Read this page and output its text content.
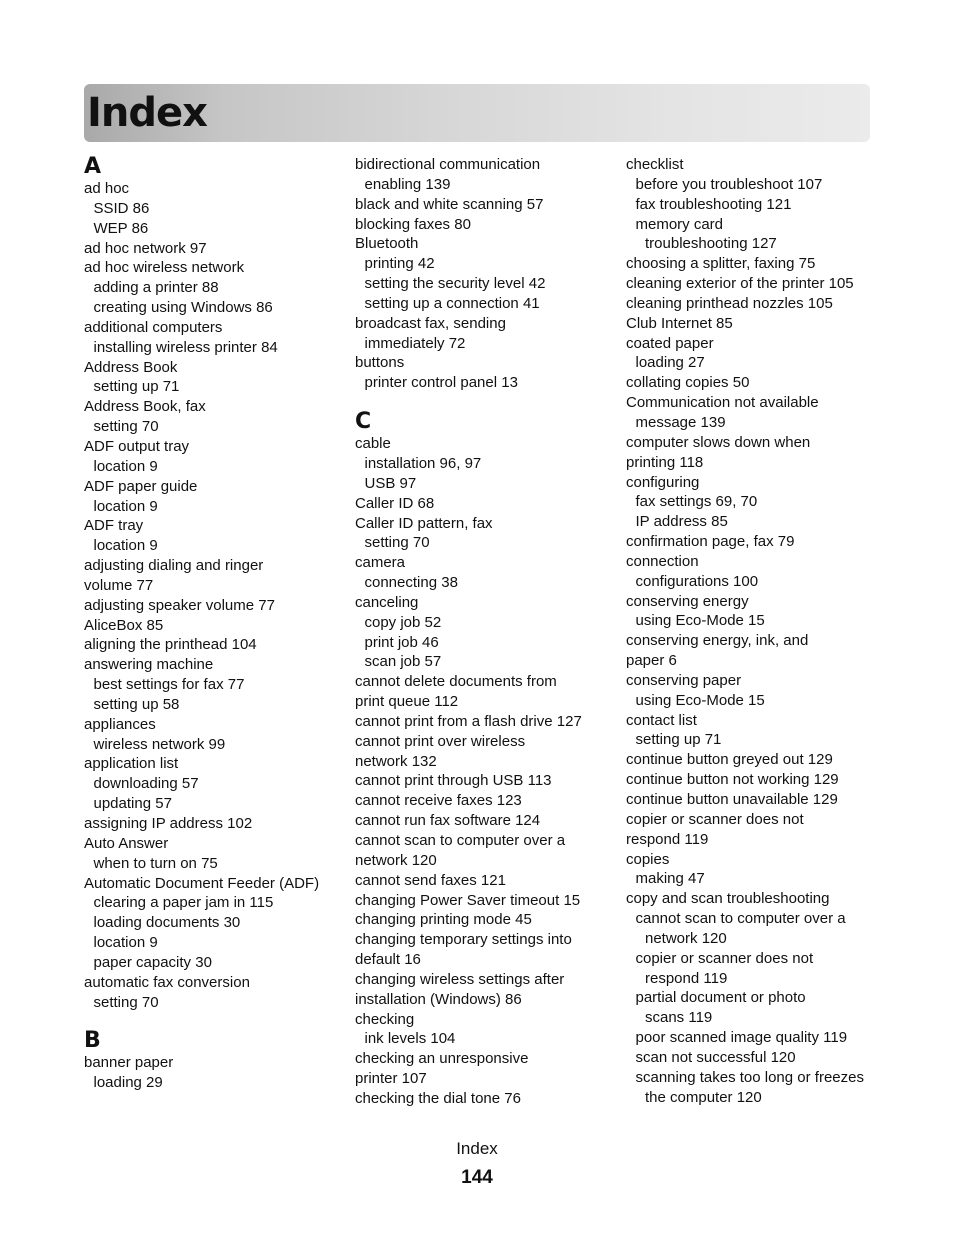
Index
A
ad hoc
SSID 86
WEP 86
ad hoc network 97
ad hoc wireless network
adding a printer 88
creating using Windows 86
additional computers
installing wireless printer 84
Address Book
setting up 71
Address Book, fax
setting 70
ADF output tray
location 9
ADF paper guide
location 9
ADF tray
location 9
adjusting dialing and ringer
volume 77
adjusting speaker volume 77
AliceBox 85
aligning the printhead 104
answering machine
best settings for fax 77
setting up 58
appliances
wireless network 99
application list
downloading 57
updating 57
assigning IP address 102
Auto Answer
when to turn on 75
Automatic Document Feeder (ADF)
clearing a paper jam in 115
loading documents 30
location 9
paper capacity 30
automatic fax conversion
setting 70
B
banner paper
loading 29
bidirectional communication
enabling 139
black and white scanning 57
blocking faxes 80
Bluetooth
printing 42
setting the security level 42
setting up a connection 41
broadcast fax, sending
immediately 72
buttons
printer control panel 13
C
cable
installation 96, 97
USB 97
Caller ID 68
Caller ID pattern, fax
setting 70
camera
connecting 38
canceling
copy job 52
print job 46
scan job 57
cannot delete documents from
print queue 112
cannot print from a flash drive 127
cannot print over wireless
network 132
cannot print through USB 113
cannot receive faxes 123
cannot run fax software 124
cannot scan to computer over a
network 120
cannot send faxes 121
changing Power Saver timeout 15
changing printing mode 45
changing temporary settings into
default 16
changing wireless settings after
installation (Windows) 86
checking
ink levels 104
checking an unresponsive
printer 107
checking the dial tone 76
checklist
before you troubleshoot 107
fax troubleshooting 121
memory card
troubleshooting 127
choosing a splitter, faxing 75
cleaning exterior of the printer 105
cleaning printhead nozzles 105
Club Internet 85
coated paper
loading 27
collating copies 50
Communication not available
message 139
computer slows down when
printing 118
configuring
fax settings 69, 70
IP address 85
confirmation page, fax 79
connection
configurations 100
conserving energy
using Eco-Mode 15
conserving energy, ink, and
paper 6
conserving paper
using Eco-Mode 15
contact list
setting up 71
continue button greyed out 129
continue button not working 129
continue button unavailable 129
copier or scanner does not
respond 119
copies
making 47
copy and scan troubleshooting
cannot scan to computer over a
network 120
copier or scanner does not
respond 119
partial document or photo
scans 119
poor scanned image quality 119
scan not successful 120
scanning takes too long or freezes
the computer 120
Index
144
